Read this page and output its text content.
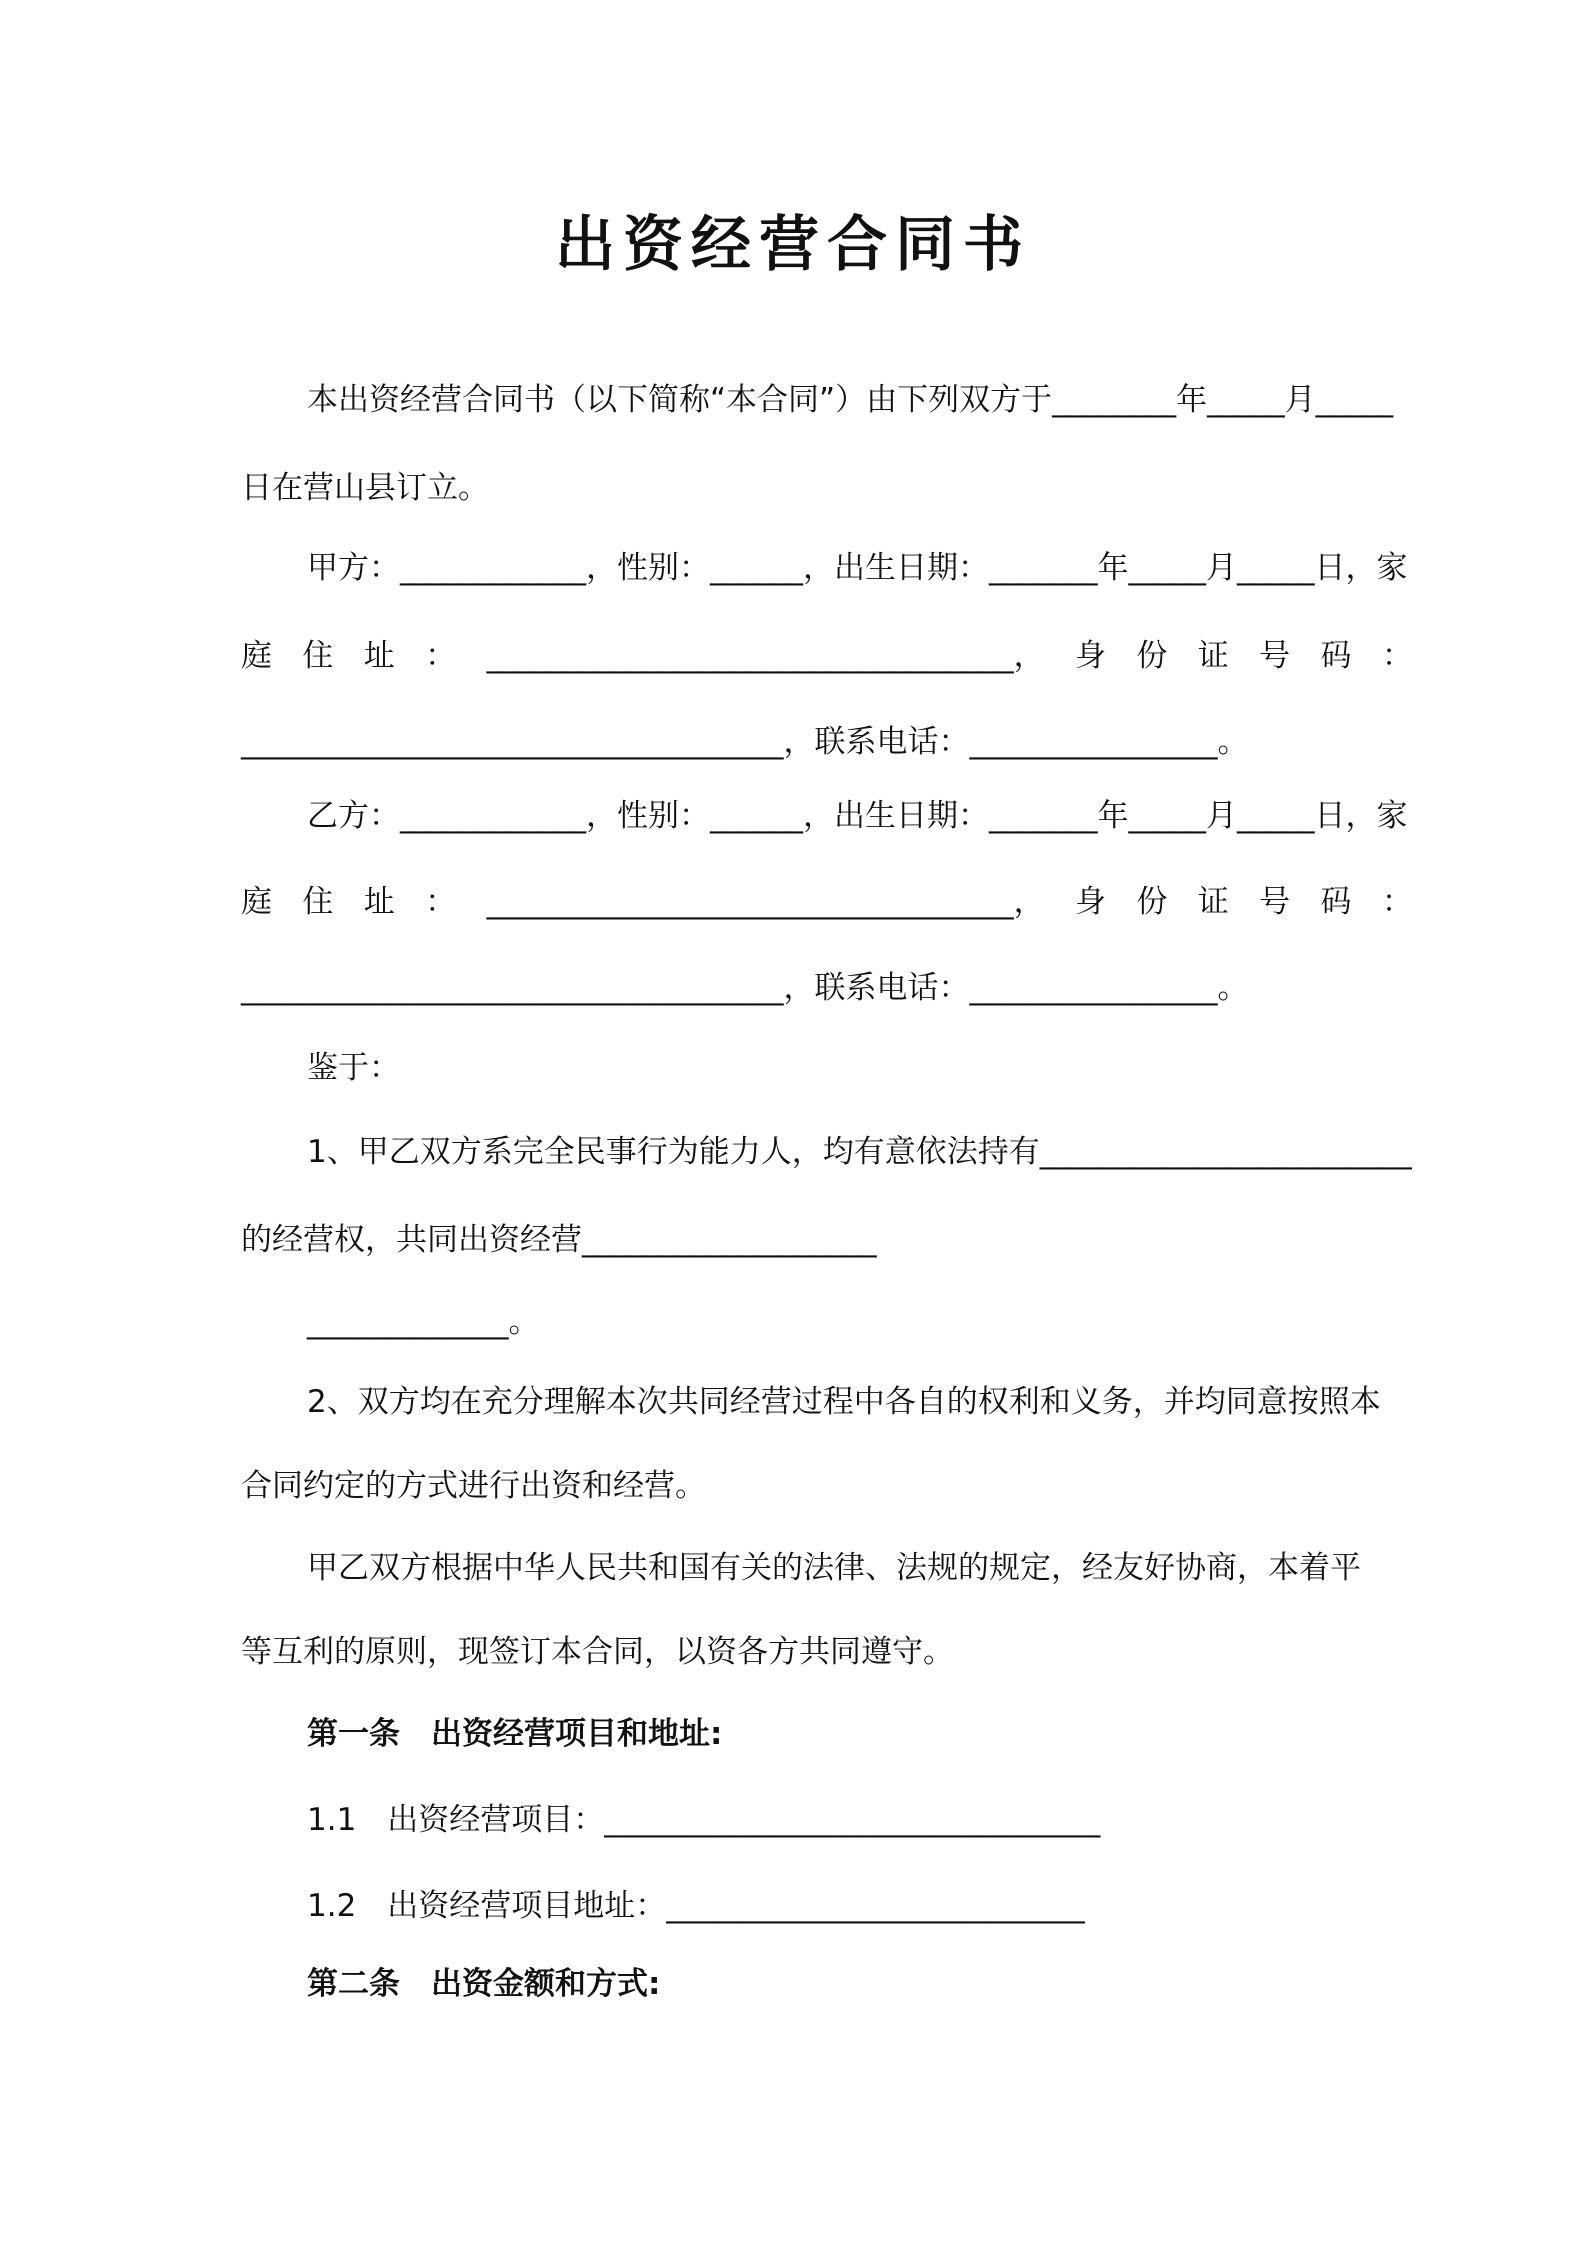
出资经营合同书
本出资经营合同书（以下简称“本合同”）由下列双方于________年_____月_____
日在营山县订立。
甲方：____________，性别：______，出生日期：_______年_____月_____日，家
庭 住 址 ： __________________________________， 身 份 证 号 码 ：
___________________________________，联系电话：________________。
乙方：____________，性别：______，出生日期：_______年_____月_____日，家
庭 住 址 ： __________________________________， 身 份 证 号 码 ：
___________________________________，联系电话：________________。
鉴于：
1、甲乙双方系完全民事行为能力人，均有意依法持有________________________
的经营权，共同出资经营___________________
_____________。
2、双方均在充分理解本次共同经营过程中各自的权利和义务，并均同意按照本
合同约定的方式进行出资和经营。
甲乙双方根据中华人民共和国有关的法律、法规的规定，经友好协商，本着平
等互利的原则，现签订本合同，以资各方共同遵守。
第一条　出资经营项目和地址:
1.1　出资经营项目：________________________________
1.2　出资经营项目地址：___________________________
第二条　出资金额和方式:
